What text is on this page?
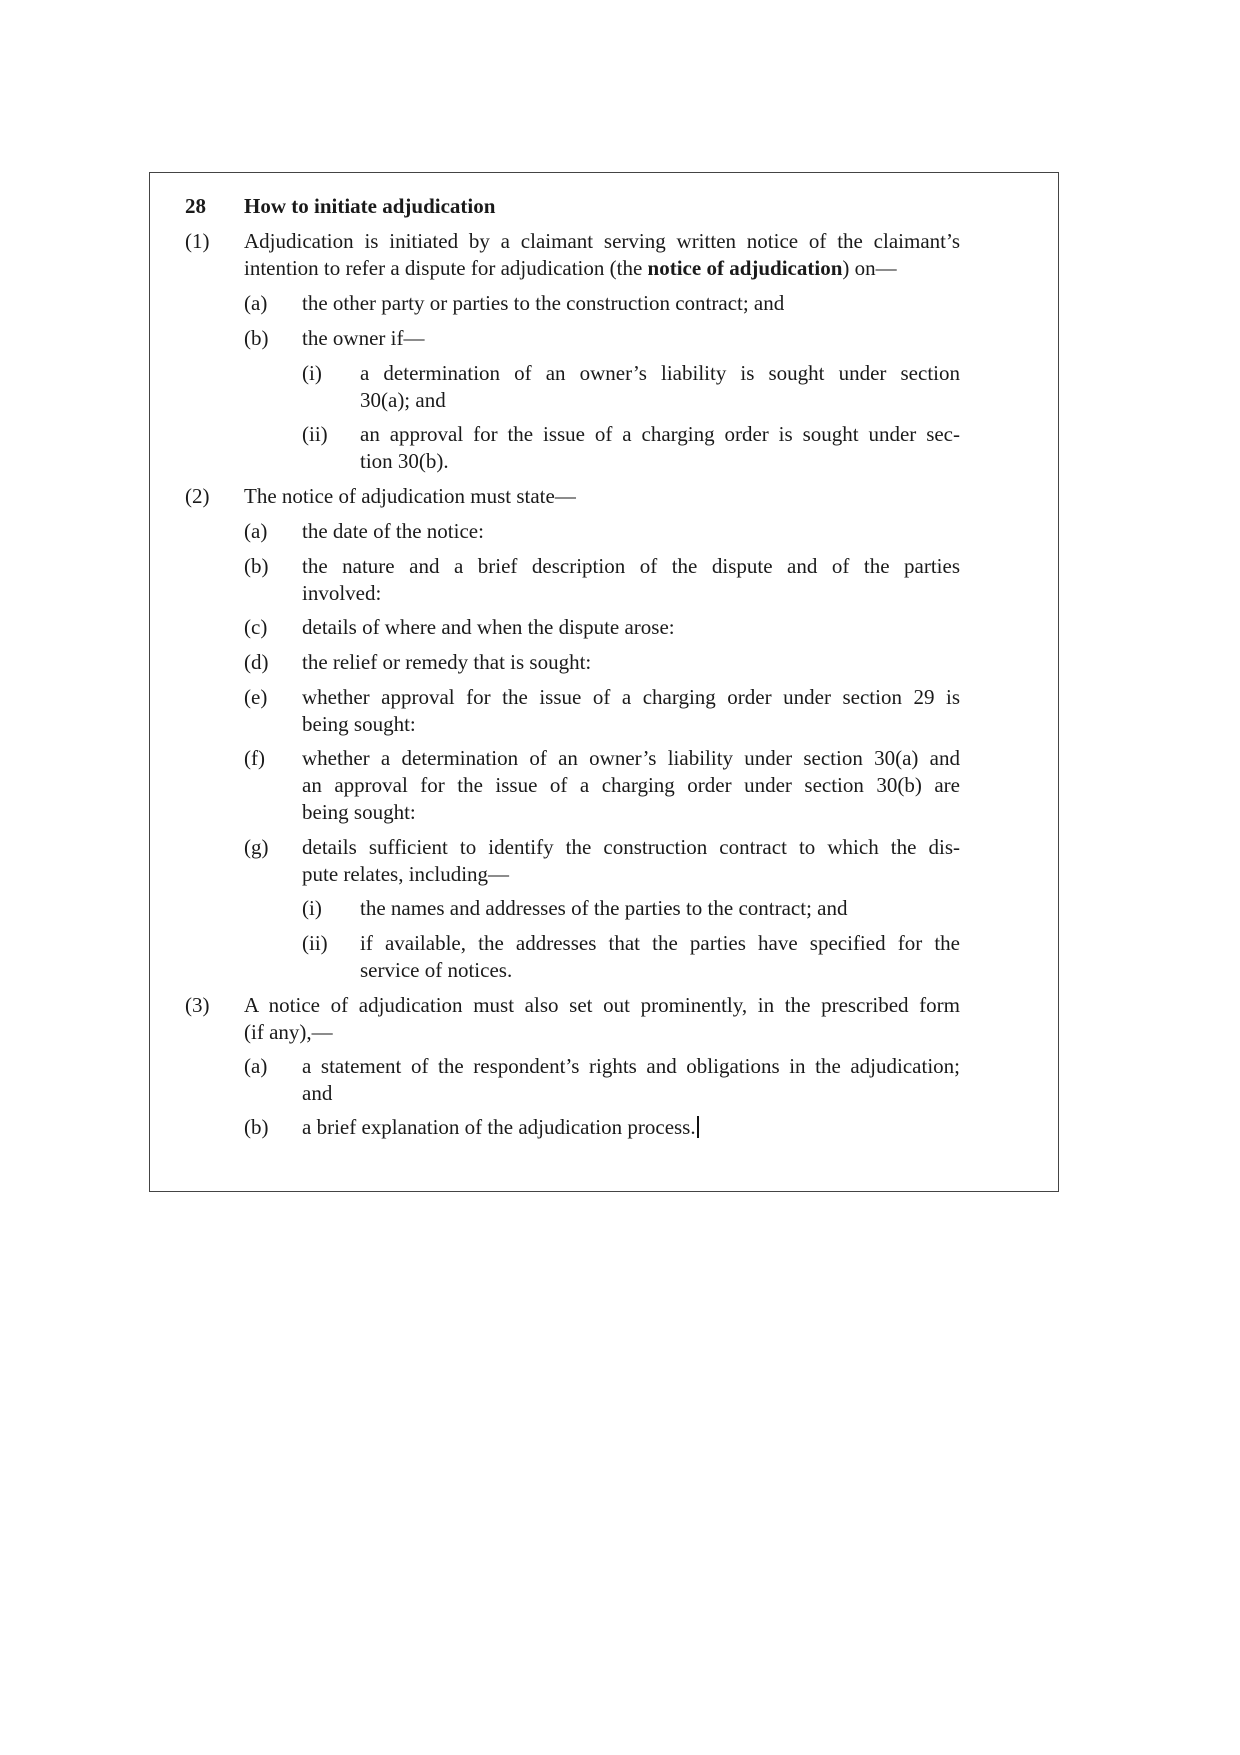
28 How to initiate adjudication
(1) Adjudication is initiated by a claimant serving written notice of the claimant’s
intention to refer a dispute for adjudication (the notice of adjudication) on—
(a) the other party or parties to the construction contract; and
(b) the owner if—
(i) a determination of an owner’s liability is sought under section
30(a); and
(ii) an approval for the issue of a charging order is sought under sec-
tion 30(b).
(2) The notice of adjudication must state—
(a) the date of the notice:
(b) the nature and a brief description of the dispute and of the parties
involved:
(c) details of where and when the dispute arose:
(d) the relief or remedy that is sought:
(e) whether approval for the issue of a charging order under section 29 is
being sought:
(f) whether a determination of an owner’s liability under section 30(a) and
an approval for the issue of a charging order under section 30(b) are
being sought:
(g) details sufficient to identify the construction contract to which the dis-
pute relates, including—
(i) the names and addresses of the parties to the contract; and
(ii) if available, the addresses that the parties have specified for the
service of notices.
(3) A notice of adjudication must also set out prominently, in the prescribed form
(if any),—
(a) a statement of the respondent’s rights and obligations in the adjudication;
and
(b) a brief explanation of the adjudication process.
